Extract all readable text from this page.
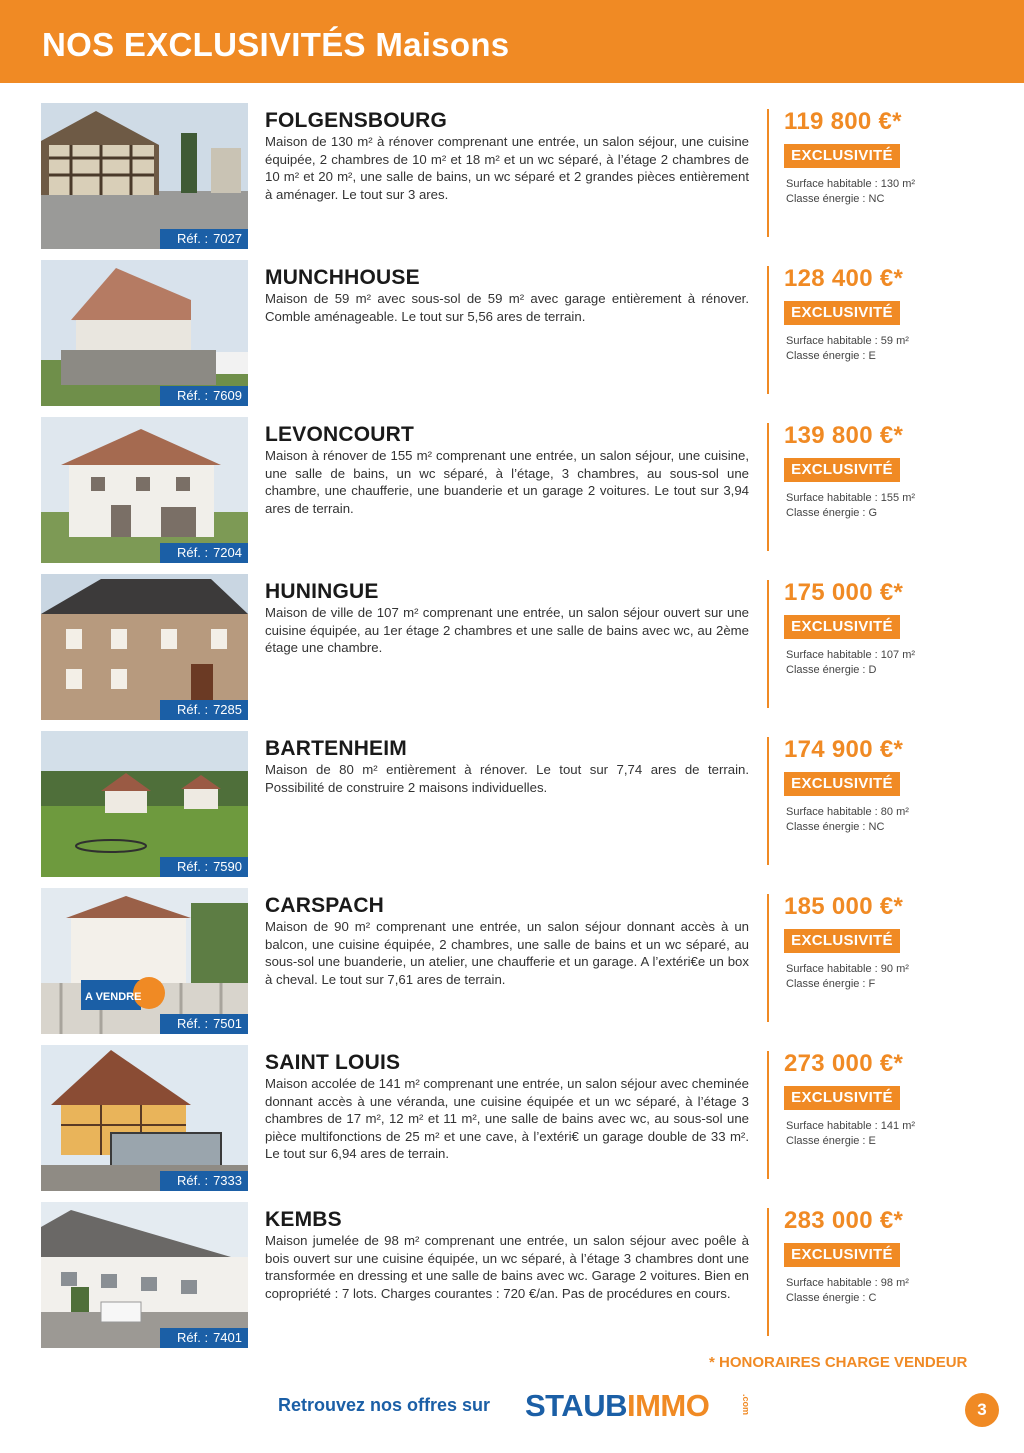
NOS EXCLUSIVITÉS Maisons
Réf. : 7027

FOLGENSBOURG

Maison de 130 m² à rénover comprenant une entrée, un salon séjour, une cuisine équipée, 2 chambres de 10 m² et 18 m² et un wc séparé, à l’étage 2 chambres de 10 m² et 20 m², une salle de bains, un wc séparé et 2 grandes pièces entièrement à aménager. Le tout sur 3 ares.

119 800 €*
EXCLUSIVITÉ
Surface habitable : 130 m²
Classe énergie : NC
Réf. : 7609

MUNCHHOUSE

Maison de 59 m² avec sous-sol de 59 m² avec garage entièrement à rénover. Comble aménageable. Le tout sur 5,56 ares de terrain.

128 400 €*
EXCLUSIVITÉ
Surface habitable : 59 m²
Classe énergie : E
Réf. : 7204

LEVONCOURT

Maison à rénover de 155 m² comprenant une entrée, un salon séjour, une cuisine, une salle de bains, un wc séparé, à l’étage, 3 chambres, au sous-sol une chambre, une chaufferie, une buanderie et un garage 2 voitures. Le tout sur 3,94 ares de terrain.

139 800 €*
EXCLUSIVITÉ
Surface habitable : 155 m²
Classe énergie : G
Réf. : 7285

HUNINGUE

Maison de ville de 107 m² comprenant une entrée, un salon séjour ouvert sur une cuisine équipée, au 1er étage 2 chambres et une salle de bains avec wc, au 2ème étage une chambre.

175 000 €*
EXCLUSIVITÉ
Surface habitable : 107 m²
Classe énergie : D
Réf. : 7590

BARTENHEIM

Maison de 80 m² entièrement à rénover. Le tout sur 7,74 ares de terrain. Possibilité de construire 2 maisons individuelles.

174 900 €*
EXCLUSIVITÉ
Surface habitable : 80 m²
Classe énergie : NC
A VENDRE
Réf. : 7501

CARSPACH

Maison de 90 m² comprenant une entrée, un salon séjour donnant accès à un balcon, une cuisine équipée, 2 chambres, une salle de bains et un wc séparé, au sous-sol une buanderie, un atelier, une chaufferie et un garage. A l’extéri€e un box à cheval. Le tout sur 7,61 ares de terrain.

185 000 €*
EXCLUSIVITÉ
Surface habitable : 90 m²
Classe énergie : F
Réf. : 7333

SAINT LOUIS

Maison accolée de 141 m² comprenant une entrée, un salon séjour avec cheminée donnant accès à une véranda, une cuisine équipée et un wc séparé, à l’étage 3 chambres de 17 m², 12 m² et 11 m², une salle de bains avec wc, au sous-sol une pièce multifonctions de 25 m² et une cave, à l’extéri€ un garage double de 33 m². Le tout sur 6,94 ares de terrain.

273 000 €*
EXCLUSIVITÉ
Surface habitable : 141 m²
Classe énergie : E
Réf. : 7401

KEMBS

Maison jumelée de 98 m² comprenant une entrée, un salon séjour avec poêle à bois ouvert sur une cuisine équipée, un wc séparé, à l’étage 3 chambres dont une transformée en dressing et une salle de bains avec wc. Garage 2 voitures. Bien en copropriété : 7 lots. Charges courantes : 720 €/an. Pas de procédures en cours.

283 000 €*
EXCLUSIVITÉ
Surface habitable : 98 m²
Classe énergie : C
* HONORAIRES CHARGE VENDEUR
Retrouvez nos offres sur STAUBIMMO	.com	3
